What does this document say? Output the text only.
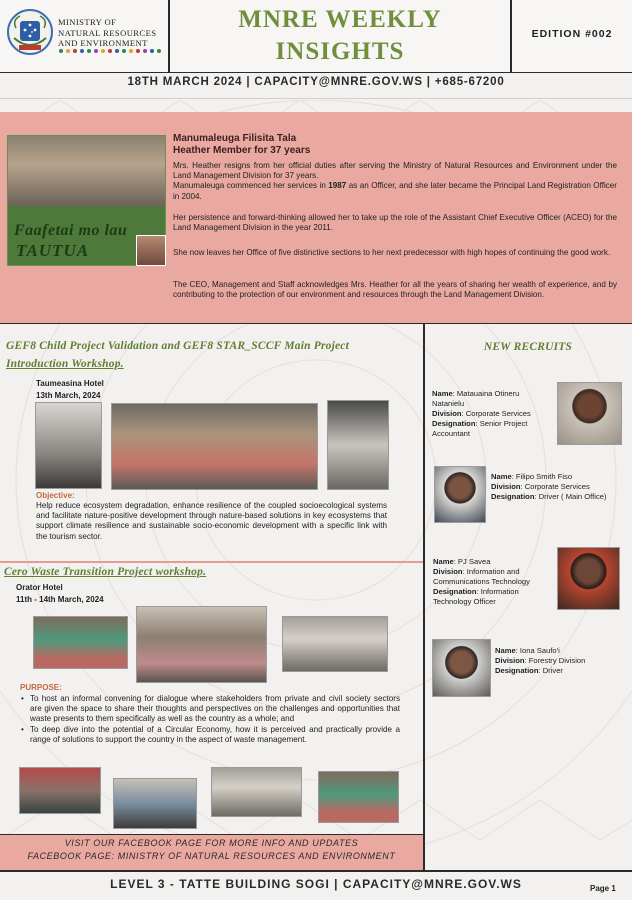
MINISTRY OF
NATURAL RESOURCES
AND ENVIRONMENT
MNRE WEEKLY
INSIGHTS
EDITION #002
18TH MARCH 2024 | CAPACITY@MNRE.GOV.WS | +685-67200
Faafetai mo lau
TAUTUA
Manumaleuga Filisita Tala
Heather Member for 37 years
Mrs. Heather resigns from her official duties after serving the Ministry of Natural Resources and Environment under the Land Management Division for 37 years.
Manumaleuga commenced her services in 1987 as an Officer, and she later became the Principal Land Registration Officer in 2004.
Her persistence and forward-thinking allowed her to take up the role of the Assistant Chief Executive Officer (ACEO) for the Land Management Division in the year 2011.
She now leaves her Office of five distinctive sections to her next predecessor with high hopes of continuing the good work.
The CEO, Management and Staff acknowledges Mrs. Heather for all the years of sharing her wealth of experience, and by contributing to the protection of our environment and resources through the Land Management Division.
GEF8 Child Project Validation and GEF8 STAR_SCCF Main Project
Introduction Workshop.
Taumeasina Hotel
13th March, 2024
Objective:
Help reduce ecosystem degradation, enhance resilience of the coupled socioecological systems and facilitate nature-positive development through nature-based solutions in key ecosystems that support climate resilience and sustainable socio-economic development with a specific link with the tourism sector.
Cero Waste Transition Project workshop.
Orator Hotel
11th - 14th March, 2024
PURPOSE:
• To host an informal convening for dialogue where stakeholders from private and civil society sectors are given the space to share their thoughts and perspectives on the challenges and opportunities that waste presents to them specifically as well as the country as a whole; and
• To deep dive into the potential of a Circular Economy, how it is perceived and practically provide a range of solutions to support the country in the aspect of waste management.
NEW RECRUITS
Name: Matauaina Otineru Natanielu
Division: Corporate Services
Designation: Senior Project Accountant
Name: Filipo Smith Fiso
Division: Corporate Services
Designation: Driver ( Main Office)
Name: PJ Savea
Division: Information and Communications Technology
Designation: Information Technology Officer
Name: Iona Saufo'i
Division: Forestry Division
Designation: Driver
VISIT OUR FACEBOOK PAGE FOR MORE INFO AND UPDATES
FACEBOOK PAGE: MINISTRY OF NATURAL RESOURCES AND ENVIRONMENT
LEVEL 3 - TATTE BUILDING SOGI | CAPACITY@MNRE.GOV.WS	Page 1
